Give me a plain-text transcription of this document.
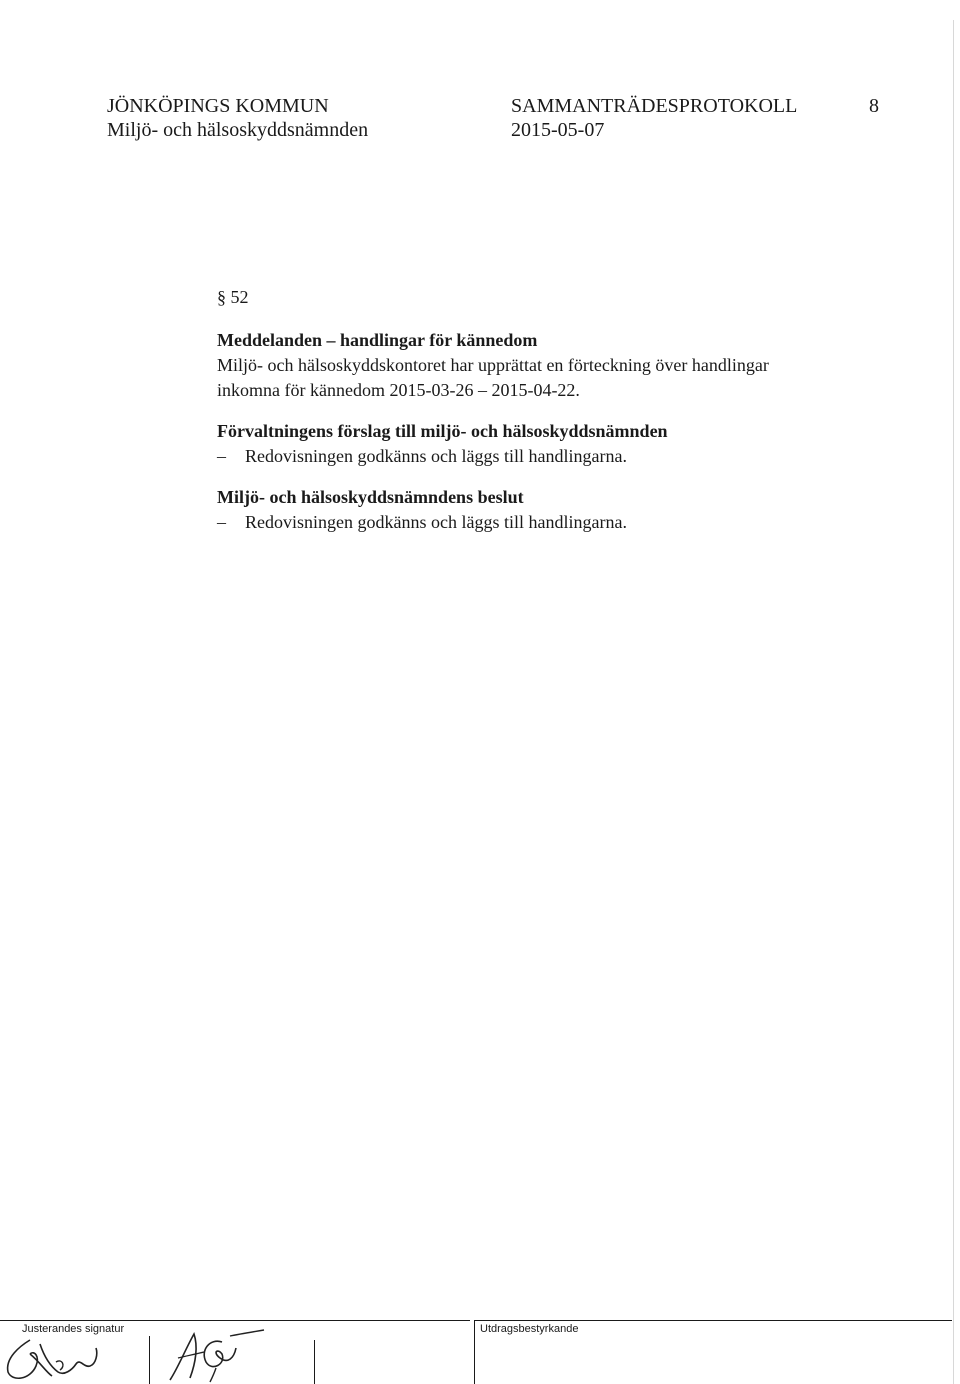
JÖNKÖPINGS KOMMUN
Miljö- och hälsoskyddsnämnden
SAMMANTRÄDESPROTOKOLL
2015-05-07
8
§ 52
Meddelanden – handlingar för kännedom
Miljö- och hälsoskyddskontoret har upprättat en förteckning över handlingar
inkomna för kännedom 2015-03-26 – 2015-04-22.
Förvaltningens förslag till miljö- och hälsoskyddsnämnden
–	Redovisningen godkänns och läggs till handlingarna.
Miljö- och hälsoskyddsnämndens beslut
–	Redovisningen godkänns och läggs till handlingarna.
Justerandes signatur	Utdragsbestyrkande
